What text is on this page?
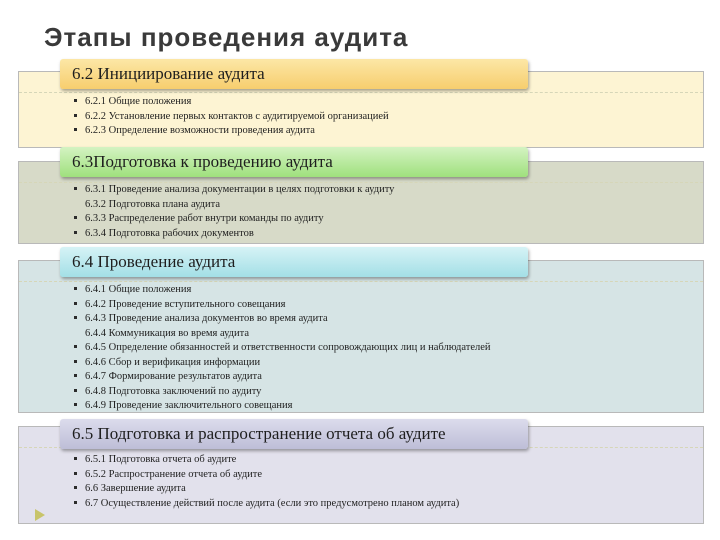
Этапы проведения аудита
6.2 Инициирование аудита
6.2.1 Общие положения
6.2.2 Установление первых контактов с аудитируемой организацией
6.2.3 Определение возможности проведения аудита
6.3Подготовка к проведению аудита
6.3.1 Проведение анализа документации в целях подготовки к аудиту
6.3.2 Подготовка плана аудита
6.3.3 Распределение работ внутри команды по аудиту
6.3.4 Подготовка рабочих документов
6.4 Проведение аудита
6.4.1 Общие положения
6.4.2 Проведение вступительного совещания
6.4.3 Проведение анализа документов во время аудита
6.4.4 Коммуникация во время аудита
6.4.5 Определение обязанностей и ответственности сопровождающих лиц и наблюдателей
6.4.6 Сбор и верификация информации
6.4.7 Формирование результатов аудита
6.4.8 Подготовка заключений по аудиту
6.4.9 Проведение заключительного совещания
6.5 Подготовка и распространение отчета об аудите
6.5.1 Подготовка отчета об аудите
6.5.2 Распространение отчета об аудите
6.6 Завершение аудита
6.7 Осуществление действий после аудита (если это предусмотрено планом аудита)
